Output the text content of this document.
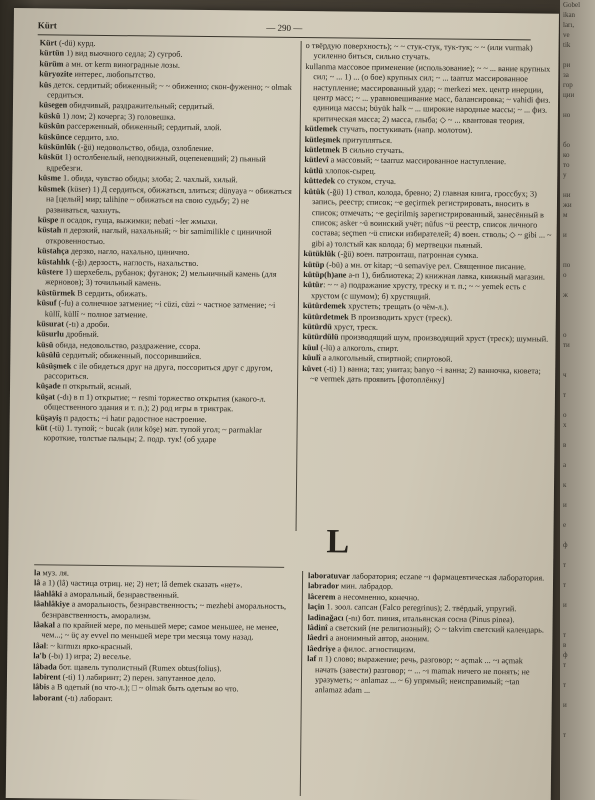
Kürt	— 290 —

Kürt (-dü) курд.

kürtün 1) вид вьючного седла; 2) сугроб.

kürüm а мн. от kerm виноградные лозы.

küryozite интерес, любопытство.

küs детск. сердитый; обиженный; ~ ~ обиженно; скон-фуженно; ~ olmak сердиться.

küsegen обидчивый, раздражительный; сердитый.

küskü 1) лом; 2) кочерга; 3) головешка.

küskün рассерженный, обиженный; сердитый, злой.

küskünce сердито, зло.

küskünlük (-ğü) недовольство, обида, озлобление.

küsküt 1) остолбенелый, неподвижный, оцепеневший; 2) пьяный вдребезги.

küsme 1. обида, чувство обиды; злоба; 2. чахлый, хилый.

küsmek (küser) 1) Д сердиться, обижаться, злиться; dünyaya ~ обижаться на [целый] мир; talihine ~ обижаться на свою судьбу; 2) не развиваться, чахнуть.

küspe п осадок, гуща, выжимки; nebati ~ler жмыхи.

küstah п дерзкий, наглый, нахальный; ~ bir samimilikle с циничной откровенностью.

küstahça дерзко, нагло, нахально, цинично.

küstahlık (-ğı) дерзость, наглость, нахальство.

küstere 1) шерхебель, рубанок; фуганок; 2) мельничный камень (для жерновов); 3) точильный камень.

küstürmek В сердить, обижать.

küsuf (-fu) а солнечное затмение; ~i cüzi, cüzi ~ частное затмение; ~i küllî, küllî ~ полное затмение.

küsurat (-tı) а дроби.

küsurlu дробный.

küsü обида, недовольство, раздражение, ссора.

küsülü сердитый; обиженный, поссорившийся.

küsüşmek с ile обидеться друг на друга, поссориться друг с другом, рассориться.

küşade п открытый, ясный.

küşat (-dı) в п 1) открытие; ~ resmi торжество открытия (какого-л. общественного здания и т. п.); 2) род игры в триктрак.

küşayiş п радость; ~i hatır радостное настроение.

küt (-tü) 1. тупой; ~ bucak (или köşe) мат. тупой угол; ~ parmaklar короткие, толстые пальцы; 2. подр. тук! (об ударе

о твёрдую поверхность); ~ ~ стук-стук, тук-тук; ~ ~ (или vurmak) усиленно биться, сильно стучать.

kullanma массовое применение (использование); ~ ~ ... вание крупных сил; ~ ... 1) ... (о бое) крупных сил; ~ ... taarruz массированное наступление; массированный удар; ~ merkezi мех. центр инерции, центр масс; ~ ... уравновешивание масс, балансировка; ~ vahidi физ. единица массы; büyük halk ~ ... широкие народные массы; ~ ... физ. критическая масса; 2) масса, глыба; ◇ ~ ... квантовая теория.

kütlemek стучать, постукивать (напр. молотом).

kütleşmek притупляться.

kütletmek В сильно стучать.

kütlevî а массовый; ~ taarruz массированное наступление.

kütlü хлопок-сырец.

küttedek со стуком, стуча.

kütük (-ğü) 1) ствол, колода, бревно; 2) главная книга, гроссбух; 3) запись, реестр; список; ~e geçirmek регистрировать, вносить в список; отмечать; ~e geçirilmiş зарегистрированный, занесённый в список; asker ~ü воинский учёт; nüfus ~ü реестр, список личного состава; seçmen ~ü списки избирателей; 4) воен. стволь; ◇ ~ gibi ... ~ gibi а) толстый как колода; б) мертвецки пьяный.

kütüklük (-ğü) воен. патронташ, патронная сумка.

kütüp (-bü) а мн. от kitap; ~ü semaviye рел. Священное писание.

kütüp(h)ane а-п 1), библиотека; 2) книжная лавка, книжный магазин.

kütür: ~ ~ а) подражание хрусту, треску и т. п.; ~ ~ yemek есть с хрустом (с шумом); б) хрустящий.

kütürdemek хрустеть; трещать (о чём-л.).

kütürdetmek В производить хруст (треск).

kütürdü хруст, треск.

kütürdülü производящий шум, производящий хруст (треск); шумный.

küul (-lü) а алкоголь, спирт.

küulî а алкогольный, спиртной; спиртовой.

küvet (-ti) 1) ванна; таз; унитаз; banyo ~i ванна; 2) ванночка, кювета; ~e vermek дать проявить [фотоплёнку]

L

la муз. ля.

lâ а 1) (lâ) частица отриц. не; 2) нет; lâ demek сказать «нет».

lâahlâki а аморальный, безнравственный.

lâahlâkiye а аморальность, безнравственность; ~ mezhebi аморальность, безнравственность, аморализм.

lâakal а по крайней мере, по меньшей мере; самое меньшее, не менее, чем...; ~ üç ay evvel по меньшей мере три месяца тому назад.

lâal: ~ kırmızı ярко-красный.

la'b (-bı) 1) игра; 2) веселье.

lâbada бот. щавель туполистный (Rumex obtus(folius).

labirent (-ti) 1) лабиринт; 2) перен. запутанное дело.

lâbis а В одетый (во что-л.); □ ~ olmak быть одетым во что.

laborant (-tı) лаборант.

laboratuvar лаборатория; eczane ~ı фармацевтическая лаборатория.

labrador мин. лабрадор.

lâcerem а несомненно, конечно.

laçin 1. зоол. сапсан (Falco peregrinus); 2. твёрдый, упругий.

ladinağacı (-nı) бот. пиния, итальянская сосна (Pinus pinea).

lâdinî а светский (не религиозный); ◇ ~ takvim светский календарь.

lâedri а анонимный автор, аноним.

lâedriye а филос. агностицизм.

laf п 1) слово; выражение; речь, разговор; ~ açmak ... ~ı açmak начать (завести) разговор; ~ ... ~ı mamak ничего не понять; не уразуметь; ~ anlamaz ... ~ 6) упрямый; неисправимый; ~tan anlamaz adam ...

Gobel
ikan
ları,
ve
tik

ри
за
гор
ции

но

бо
ко
то
у

ни
жи
м

и

по
о

ж

о
ти

ч

т

о
х

в

а

к

и

е

ф

т

т

и

т
в
ф
т

т

и

т
